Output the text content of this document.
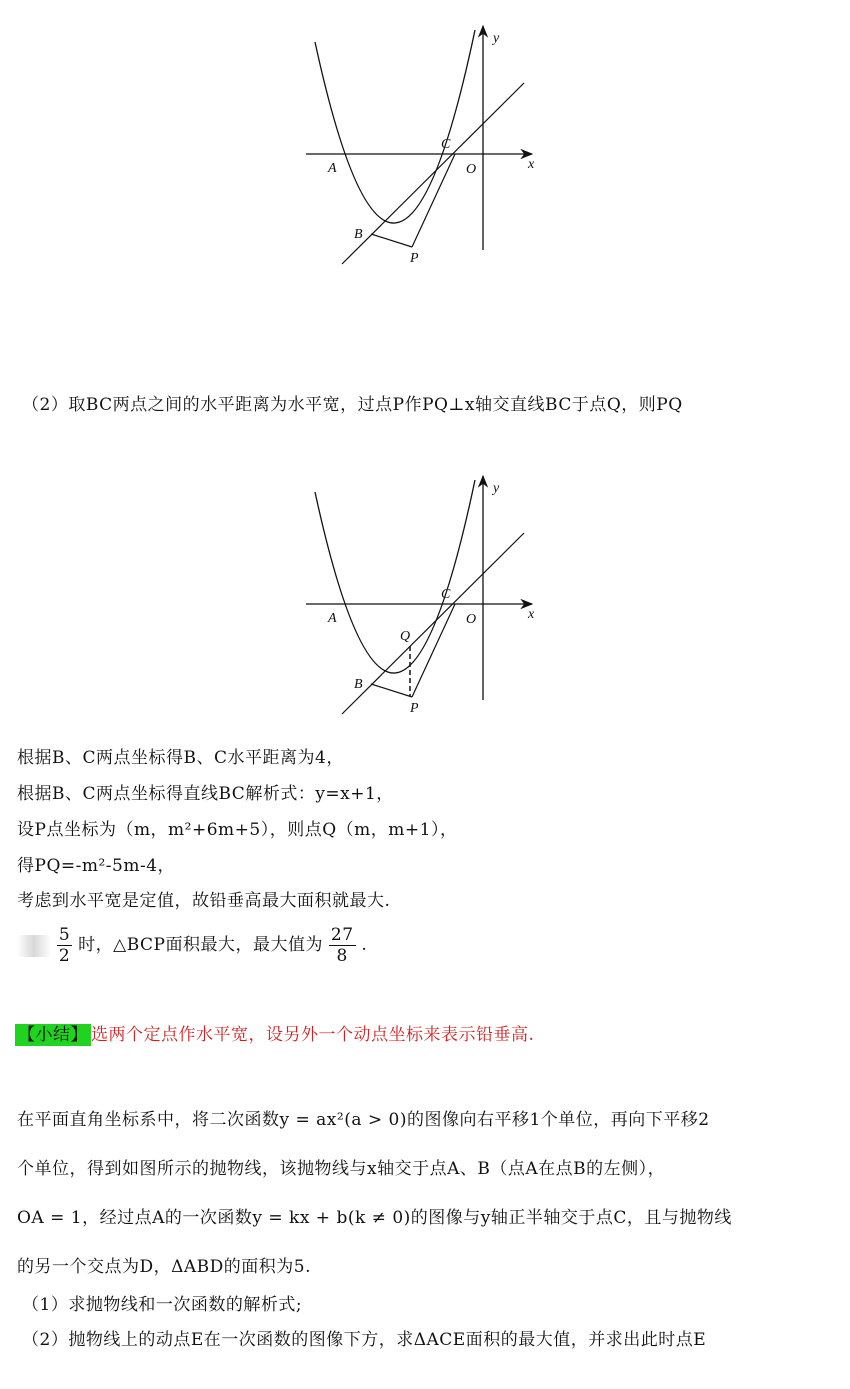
y
x
A
C
O
B
P
（2）取BC两点之间的水平距离为水平宽，过点P作PQ⊥x轴交直线BC于点Q，则PQ
y
x
A
C
O
Q
B
P
根据B、C两点坐标得B、C水平距离为4，
根据B、C两点坐标得直线BC解析式：y=x+1，
设P点坐标为（m，m²+6m+5），则点Q（m，m+1），
得PQ=-m²-5m-4，
考虑到水平宽是定值，故铅垂高最大面积就最大.

$\frac{5}{2}$ 时，△BCP面积最大，最大值为 $\frac{27}{8}$ .
【小结】 选两个定点作水平宽，设另外一个动点坐标来表示铅垂高.
在平面直角坐标系中，将二次函数y = ax²(a > 0)的图像向右平移1个单位，再向下平移2
个单位，得到如图所示的抛物线，该抛物线与x轴交于点A、B（点A在点B的左侧），
OA = 1，经过点A的一次函数y = kx + b(k ≠ 0)的图像与y轴正半轴交于点C，且与抛物线
的另一个交点为D，ΔABD的面积为5.
（1）求抛物线和一次函数的解析式;
（2）抛物线上的动点E在一次函数的图像下方，求ΔACE面积的最大值，并求出此时点E
